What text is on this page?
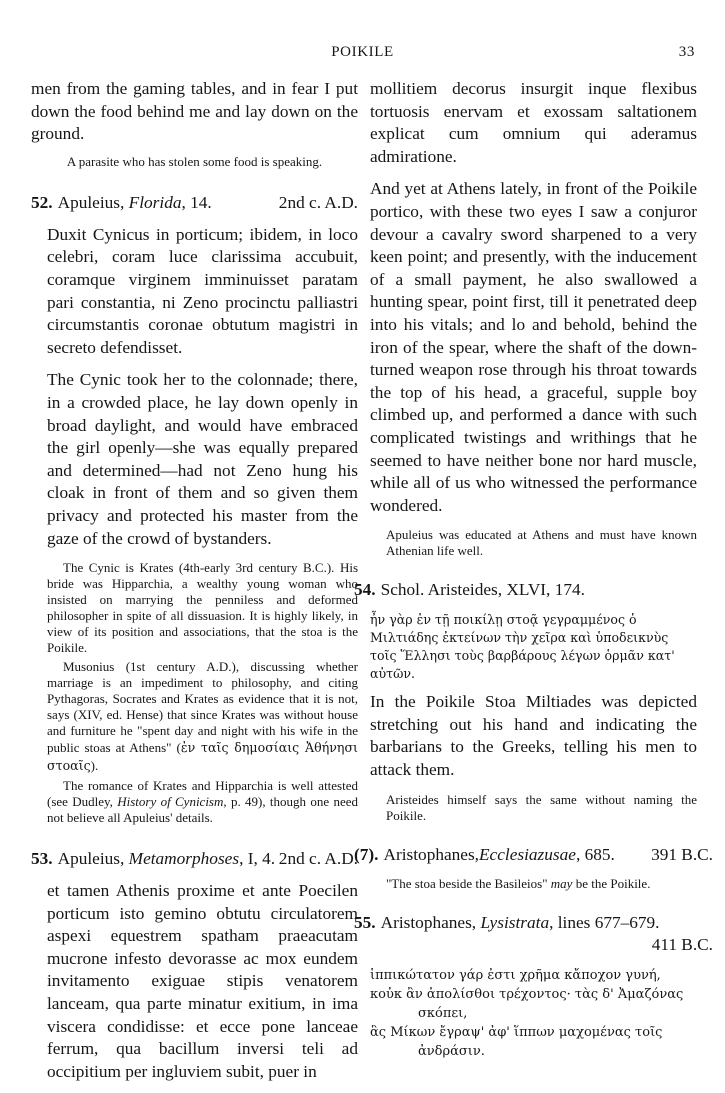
POIKILE	33

men from the gaming tables, and in fear I put down the food behind me and lay down on the ground.

A parasite who has stolen some food is speaking.

52. Apuleius, Florida, 14.	2nd c. A.D.

Duxit Cynicus in porticum; ibidem, in loco celebri, coram luce clarissima accubuit, coramque virginem imminuisset paratam pari constantia, ni Zeno procinctu palliastri circumstantis coronae obtutum magistri in secreto defendisset.

The Cynic took her to the colonnade; there, in a crowded place, he lay down openly in broad daylight, and would have embraced the girl openly—she was equally prepared and determined—had not Zeno hung his cloak in front of them and so given them privacy and protected his master from the gaze of the crowd of bystanders.

The Cynic is Krates (4th-early 3rd century B.C.). His bride was Hipparchia, a wealthy young woman who insisted on marrying the penniless and deformed philosopher in spite of all dissuasion. It is highly likely, in view of its position and associations, that the stoa is the Poikile.

Musonius (1st century A.D.), discussing whether marriage is an impediment to philosophy, and citing Pythagoras, Socrates and Krates as evidence that it is not, says (XIV, ed. Hense) that since Krates was without house and furniture he "spent day and night with his wife in the public stoas at Athens" (ἐν ταῖς δημοσίαις Ἀθήνησι στοαῖς).

The romance of Krates and Hipparchia is well attested (see Dudley, History of Cynicism, p. 49), though one need not believe all Apuleius' details.

53. Apuleius, Metamorphoses, I, 4. 2nd c. A.D.

et tamen Athenis proxime et ante Poecilen porticum isto gemino obtutu circulatorem aspexi equestrem spatham praeacutam mucrone infesto devorasse ac mox eundem invitamento exiguae stipis venatorem lanceam, qua parte minatur exitium, in ima viscera condidisse: et ecce pone lanceae ferrum, qua bacillum inversi teli ad occipitium per ingluviem subit, puer in

mollitiem decorus insurgit inque flexibus tortuosis enervam et exossam saltationem explicat cum omnium qui aderamus admiratione.

And yet at Athens lately, in front of the Poikile portico, with these two eyes I saw a conjuror devour a cavalry sword sharpened to a very keen point; and presently, with the inducement of a small payment, he also swallowed a hunting spear, point first, till it penetrated deep into his vitals; and lo and behold, behind the iron of the spear, where the shaft of the down-turned weapon rose through his throat towards the top of his head, a graceful, supple boy climbed up, and performed a dance with such complicated twistings and writhings that he seemed to have neither bone nor hard muscle, while all of us who witnessed the performance wondered.

Apuleius was educated at Athens and must have known Athenian life well.

54. Schol. Aristeides, XLVI, 174.

ἦν γὰρ ἐν τῇ ποικίλῃ στοᾷ γεγραμμένος ὁ Μιλτιάδης ἐκτείνων τὴν χεῖρα καὶ ὑποδεικνὺς τοῖς Ἕλλησι τοὺς βαρβάρους λέγων ὁρμᾶν κατ' αὐτῶν.

In the Poikile Stoa Miltiades was depicted stretching out his hand and indicating the barbarians to the Greeks, telling his men to attack them.

Aristeides himself says the same without naming the Poikile.

(7). Aristophanes,Ecclesiazusae, 685. 391 B.C.

"The stoa beside the Basileios" may be the Poikile.

55. Aristophanes, Lysistrata, lines 677–679.
411 B.C.
ἱππικώτατον γάρ ἐστι χρῆμα κἄποχον γυνή,
κοὐκ ἂν ἀπολίσθοι τρέχοντος· τὰς δ' Ἀμαζόνας
σκόπει,
ἃς Μίκων ἔγραψ' ἀφ' ἵππων μαχομένας τοῖς
ἀνδράσιν.
